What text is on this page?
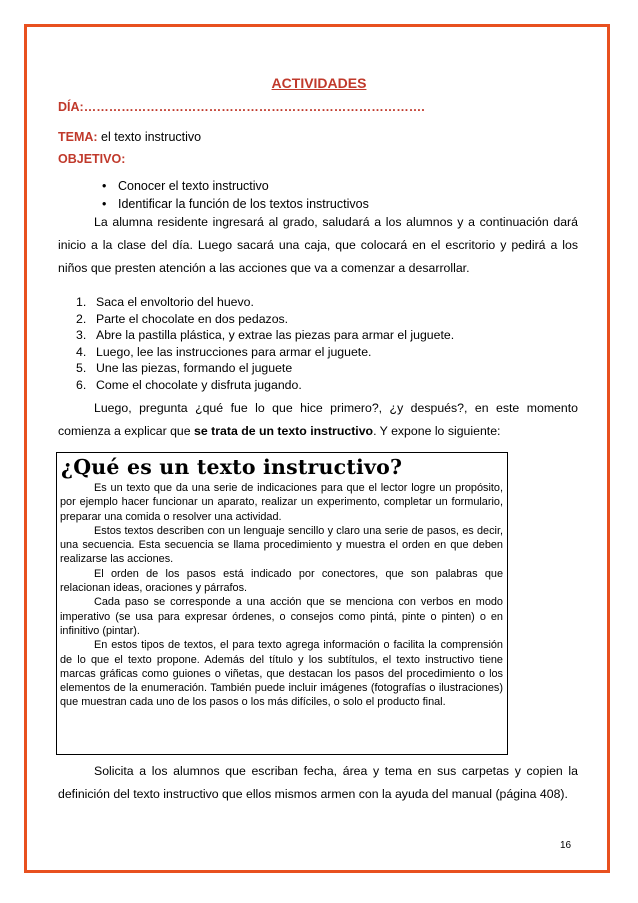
ACTIVIDADES
DÍA:……………………………………………………………………….
TEMA: el texto instructivo
OBJETIVO:
• Conocer el texto instructivo
• Identificar la función de los textos instructivos
La alumna residente ingresará al grado, saludará a los alumnos y a continuación dará inicio a la clase del día. Luego sacará una caja, que colocará en el escritorio y pedirá a los niños que presten atención a las acciones que va a comenzar a desarrollar.
1. Saca el envoltorio del huevo.
2. Parte el chocolate en dos pedazos.
3. Abre la pastilla plástica, y extrae las piezas para armar el juguete.
4. Luego, lee las instrucciones para armar el juguete.
5. Une las piezas, formando el juguete
6. Come el chocolate y disfruta jugando.
Luego, pregunta ¿qué fue lo que hice primero?, ¿y después?, en este momento comienza a explicar que se trata de un texto instructivo. Y expone lo siguiente:
¿Qué es un texto instructivo?

Es un texto que da una serie de indicaciones para que el lector logre un propósito, por ejemplo hacer funcionar un aparato, realizar un experimento, completar un formulario, preparar una comida o resolver una actividad.

Estos textos describen con un lenguaje sencillo y claro una serie de pasos, es decir, una secuencia. Esta secuencia se llama procedimiento y muestra el orden en que deben realizarse las acciones.

El orden de los pasos está indicado por conectores, que son palabras que relacionan ideas, oraciones y párrafos.

Cada paso se corresponde a una acción que se menciona con verbos en modo imperativo (se usa para expresar órdenes, o consejos como pintá, pinte o pinten) o en infinitivo (pintar).

En estos tipos de textos, el para texto agrega información o facilita la comprensión de lo que el texto propone. Además del título y los subtítulos, el texto instructivo tiene marcas gráficas como guiones o viñetas, que destacan los pasos del procedimiento o los elementos de la enumeración. También puede incluir imágenes (fotografías o ilustraciones) que muestran cada uno de los pasos o los más difíciles, o solo el producto final.

Solicita a los alumnos que escriban fecha, área y tema en sus carpetas y copien la definición del texto instructivo que ellos mismos armen con la ayuda del manual (página 408).
16
